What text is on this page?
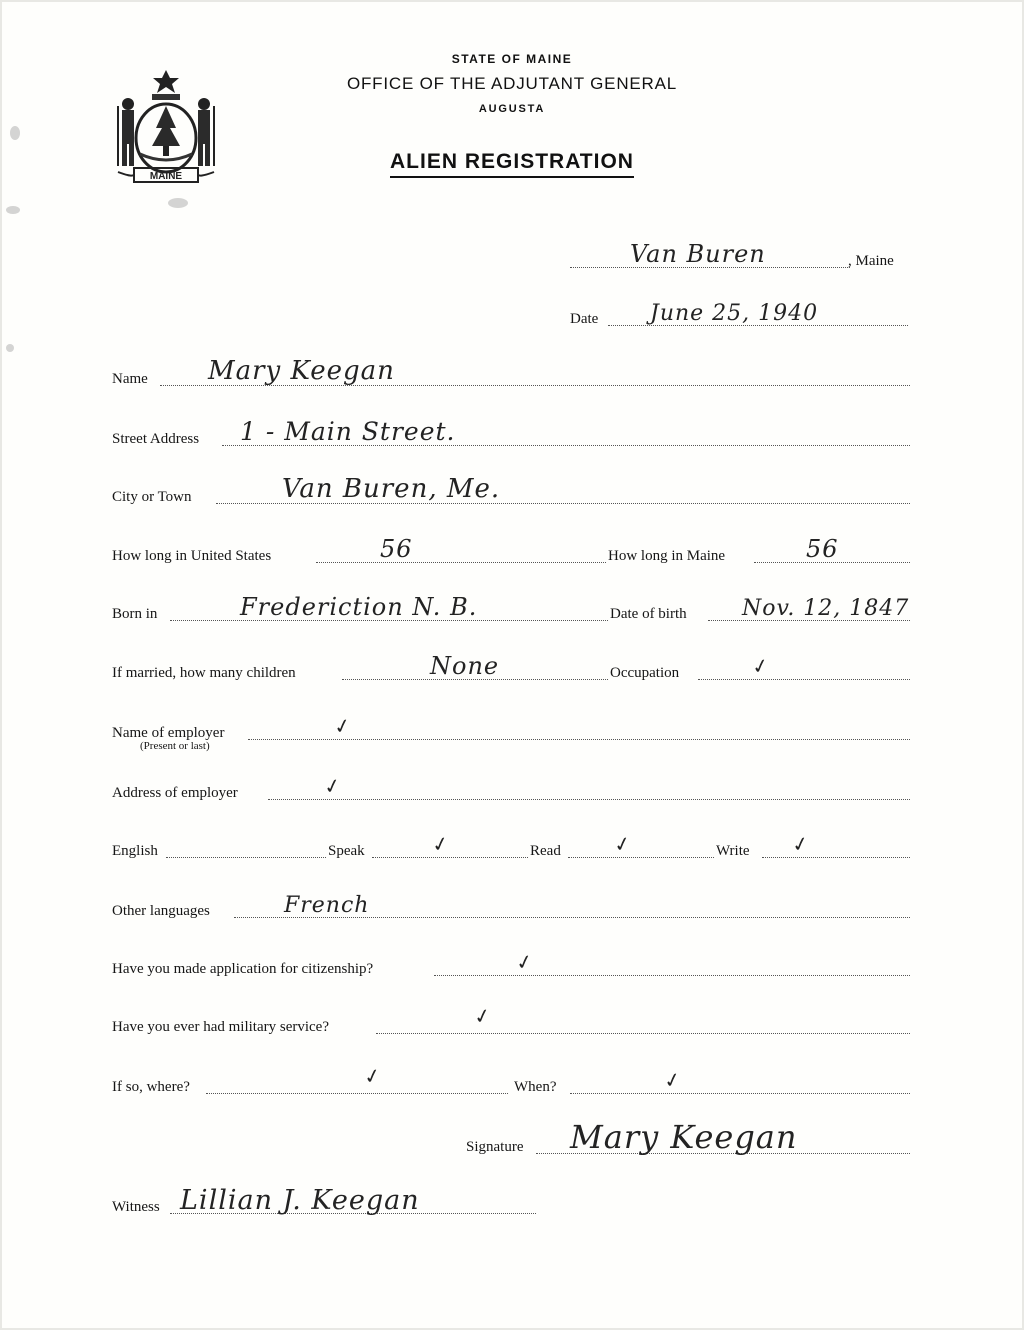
MAINE
STATE OF MAINE
OFFICE OF THE ADJUTANT GENERAL
AUGUSTA
ALIEN REGISTRATION
Van Buren	, Maine
Date June 25, 1940
Name Mary Keegan
Street Address 1 - Main Street.
City or Town	Van Buren, Me.
How long in United States	56	How long in Maine	56
Born in	Frederiction N. B.	Date of birth	Nov. 12, 1847
If married, how many children	None	Occupation	✓
Name of employer	✓
(Present or last)
Address of employer	✓
English	Speak	✓	Read	✓	Write ✓
Other languages	French
Have you made application for citizenship?	✓
Have you ever had military service?	✓
If so, where?	✓	When?	✓
Signature Mary Keegan
Witness Lillian J. Keegan
